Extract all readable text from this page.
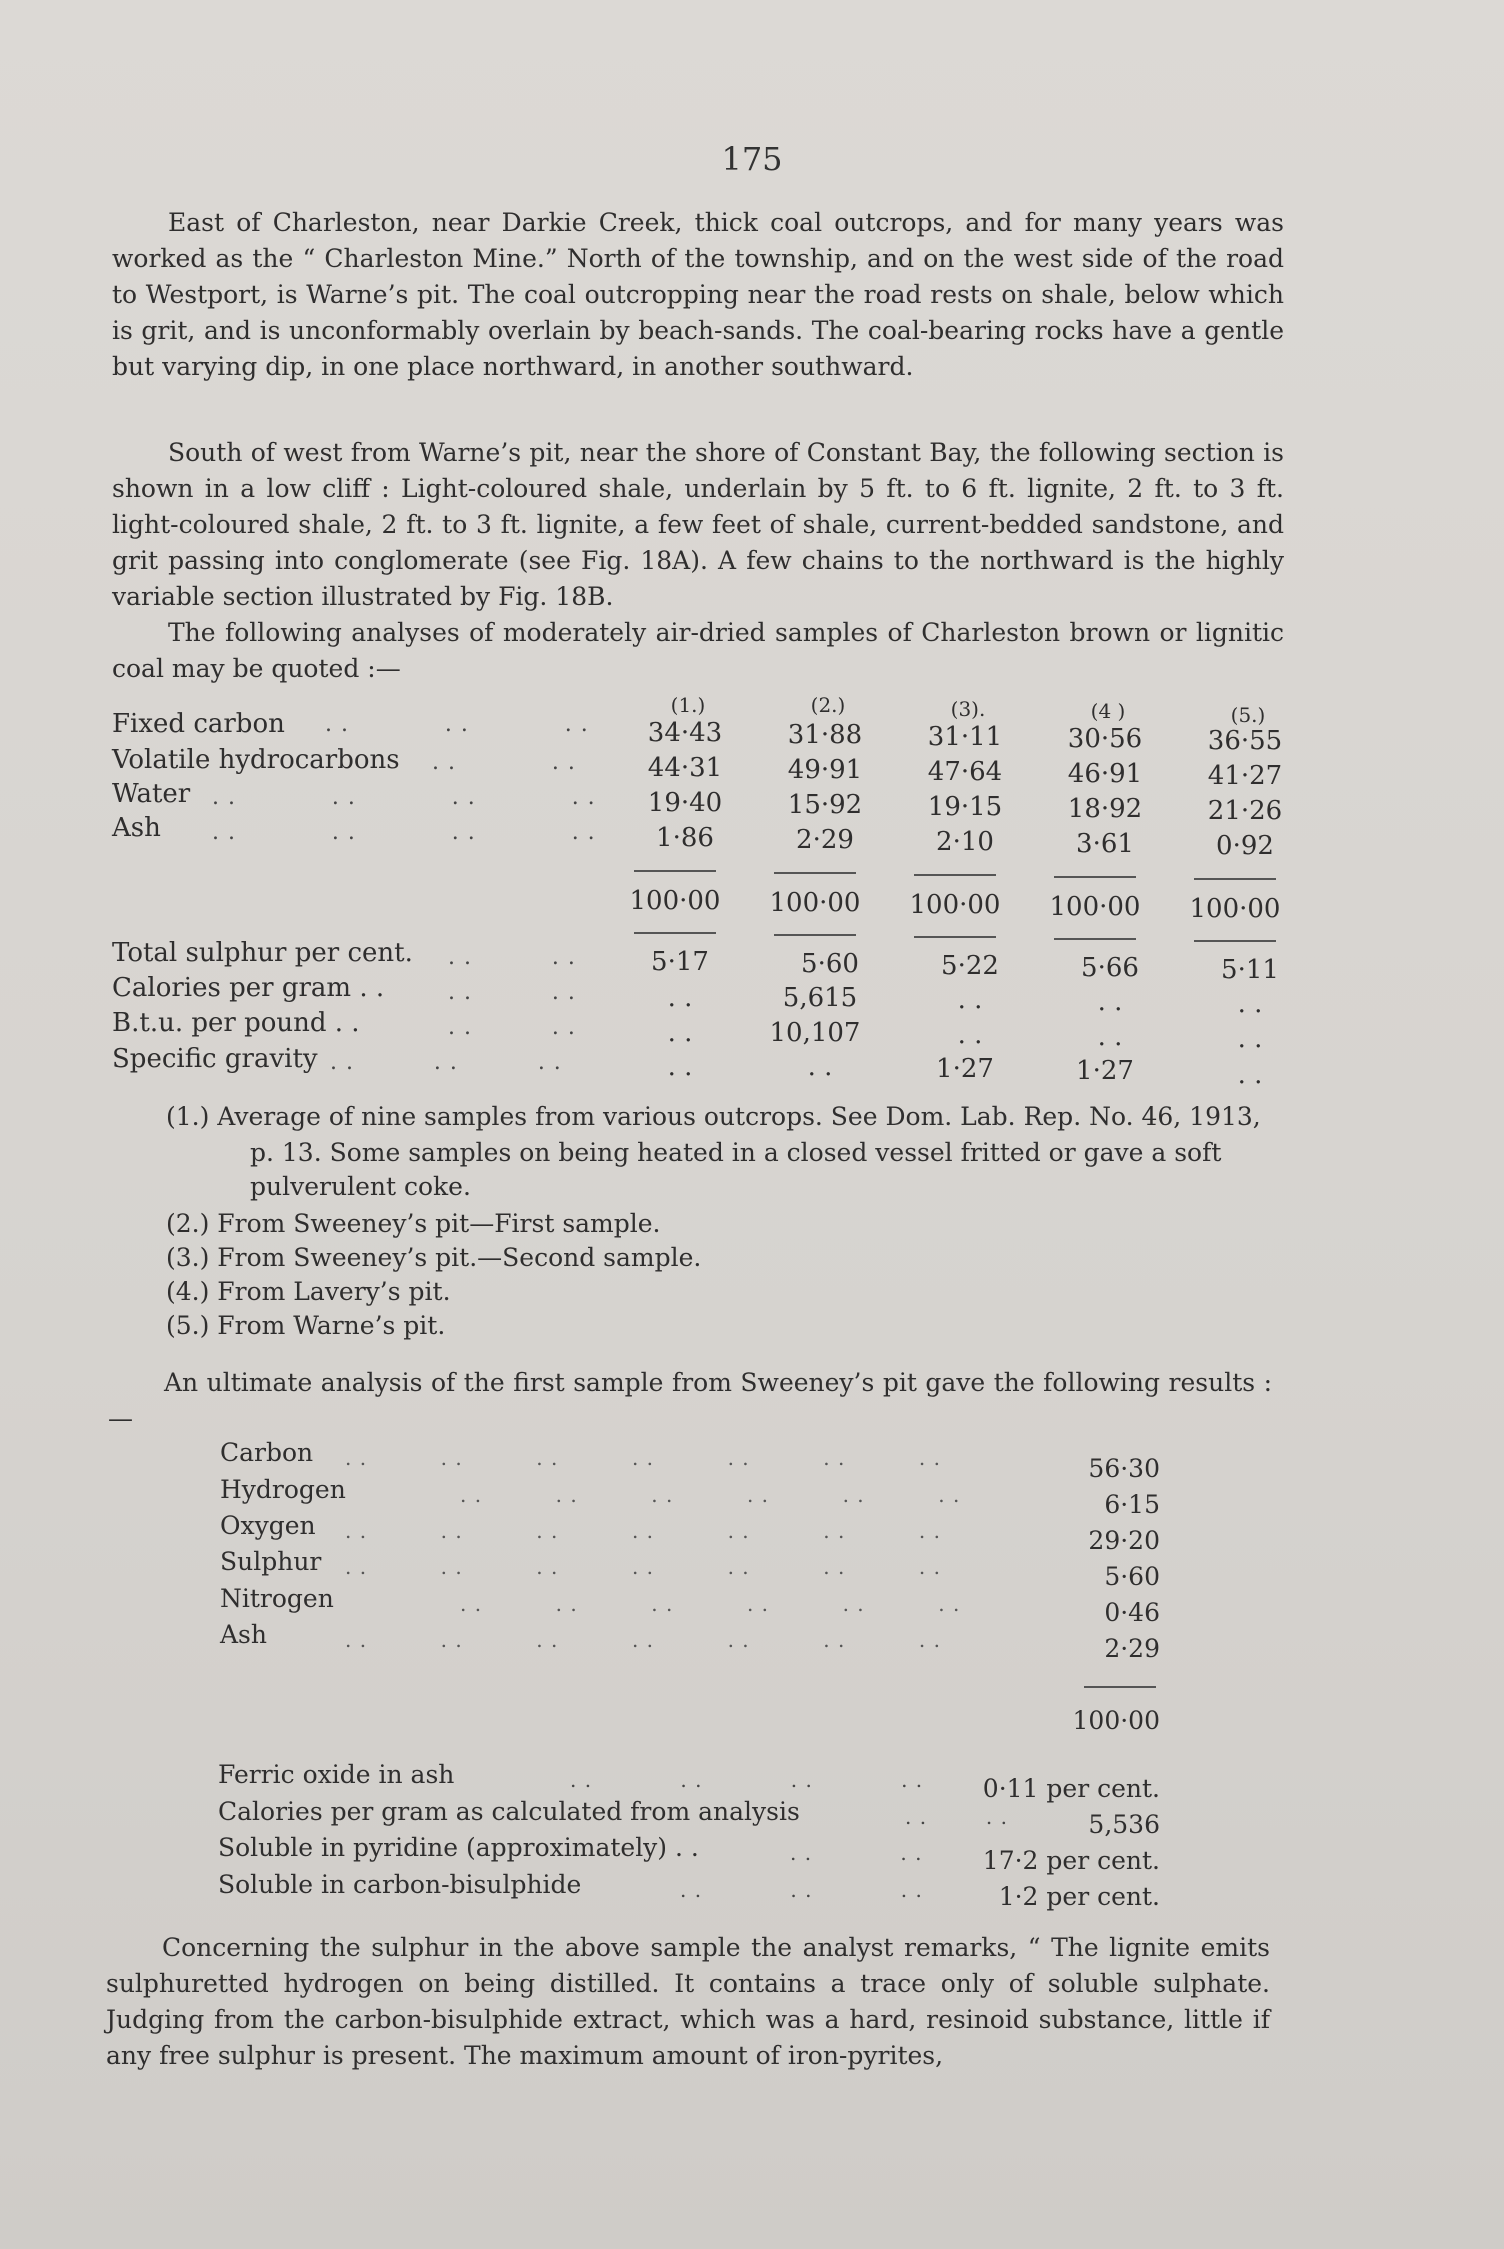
175

East of Charleston, near Darkie Creek, thick coal outcrops, and for many years was worked as the “ Charleston Mine.” North of the township, and on the west side of the road to Westport, is Warne’s pit. The coal outcropping near the road rests on shale, below which is grit, and is unconformably overlain by beach-sands. The coal-bearing rocks have a gentle but varying dip, in one place northward, in another southward.

South of west from Warne’s pit, near the shore of Constant Bay, the following section is shown in a low cliff : Light-coloured shale, underlain by 5 ft. to 6 ft. lignite, 2 ft. to 3 ft. light-coloured shale, 2 ft. to 3 ft. lignite, a few feet of shale, current-bedded sandstone, and grit passing into conglomerate (see Fig. 18A). A few chains to the northward is the highly variable section illustrated by Fig. 18B.

The following analyses of moderately air-dried samples of Charleston brown or lignitic coal may be quoted :—

(1.)	(2.)	(3).	(4 )	(5.)
Fixed carbon . .            . .            . .	34·43	31·88	31·11	30·56	36·55
Volatile hydrocarbons . .            . .	44·31	49·91	47·64	46·91	41·27
Water . .            . .            . .            . .	19·40	15·92	19·15	18·92	21·26
Ash . .            . .            . .            . .	1·86	2·29	2·10	3·61	0·92
100·00	100·00	100·00	100·00	100·00
Total sulphur per cent. . .          . .	5·17	5·60	5·22	5·66	5·11
Calories per gram . .	. .          . .	. .	5,615	. .	. .	. .
B.t.u. per pound . .	. .          . .	. .	10,107	. .	. .	. .
Specific gravity . .          . .          . .	. .	. .	1·27	1·27	. .
(1.) Average of nine samples from various outcrops. See Dom. Lab. Rep. No. 46, 1913,
p. 13. Some samples on being heated in a closed vessel fritted or gave a soft pulverulent coke.
(2.) From Sweeney’s pit—First sample.
(3.) From Sweeney’s pit.—Second sample.
(4.) From Lavery’s pit.
(5.) From Warne’s pit.

An ultimate analysis of the first sample from Sweeney’s pit gave the following results :—

Carbon . .          . .          . .          . .          . .          . .          . .	56·30
Hydrogen	. .          . .          . .          . .          . .          . .	6·15
Oxygen . .          . .          . .          . .          . .          . .          . .	29·20
Sulphur . .          . .          . .          . .          . .          . .          . .	5·60
Nitrogen	. .          . .          . .          . .          . .          . .	0·46
Ash	. .          . .          . .          . .          . .          . .          . .	2·29
100·00
Ferric oxide in ash	. .            . .            . .            . .	0·11 per cent.
Calories per gram as calculated from analysis	. .        . .	5,536
Soluble in pyridine (approximately) . .	. .            . .	17·2 per cent.
Soluble in carbon-bisulphide	. .            . .            . .	1·2 per cent.

Concerning the sulphur in the above sample the analyst remarks, “ The lignite emits sulphuretted hydrogen on being distilled. It contains a trace only of soluble sulphate. Judging from the carbon-bisulphide extract, which was a hard, resinoid substance, little if any free sulphur is present. The maximum amount of iron-pyrites,
